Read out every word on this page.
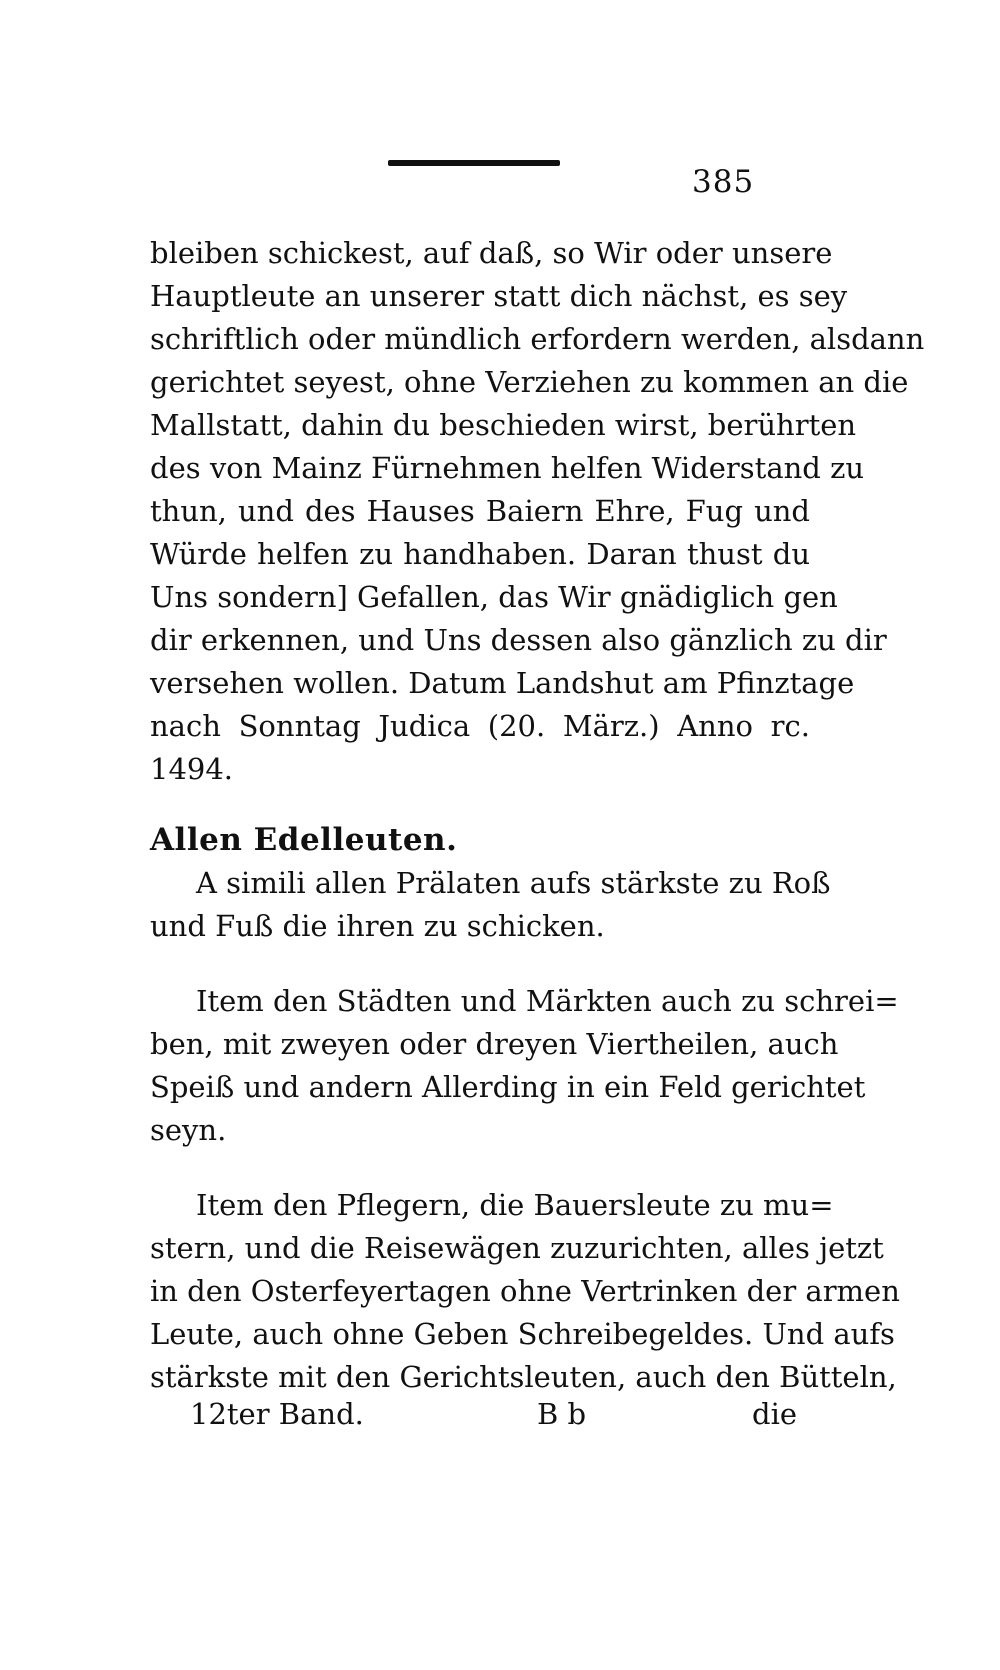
385
bleiben schickest, auf daß, so Wir oder unsere
Hauptleute an unserer statt dich nächst, es sey
schriftlich oder mündlich erfordern werden, alsdann
gerichtet seyest, ohne Verziehen zu kommen an die
Mallstatt, dahin du beschieden wirst, berührten
des von Mainz Fürnehmen helfen Widerstand zu
thun, und des Hauses Baiern Ehre, Fug und
Würde helfen zu handhaben. Daran thust du
Uns sondern] Gefallen, das Wir gnädiglich gen
dir erkennen, und Uns dessen also gänzlich zu dir
versehen wollen. Datum Landshut am Pfinztage
nach Sonntag Judica (20. März.) Anno rc.
1494.
Allen Edelleuten.
A simili allen Prälaten aufs stärkste zu Roß
und Fuß die ihren zu schicken.
Item den Städten und Märkten auch zu schrei=
ben, mit zweyen oder dreyen Viertheilen, auch
Speiß und andern Allerding in ein Feld gerichtet
seyn.
Item den Pflegern, die Bauersleute zu mu=
stern, und die Reisewägen zuzurichten, alles jetzt
in den Osterfeyertagen ohne Vertrinken der armen
Leute, auch ohne Geben Schreibegeldes. Und aufs
stärkste mit den Gerichtsleuten, auch den Bütteln,
12ter Band.	B b	die
